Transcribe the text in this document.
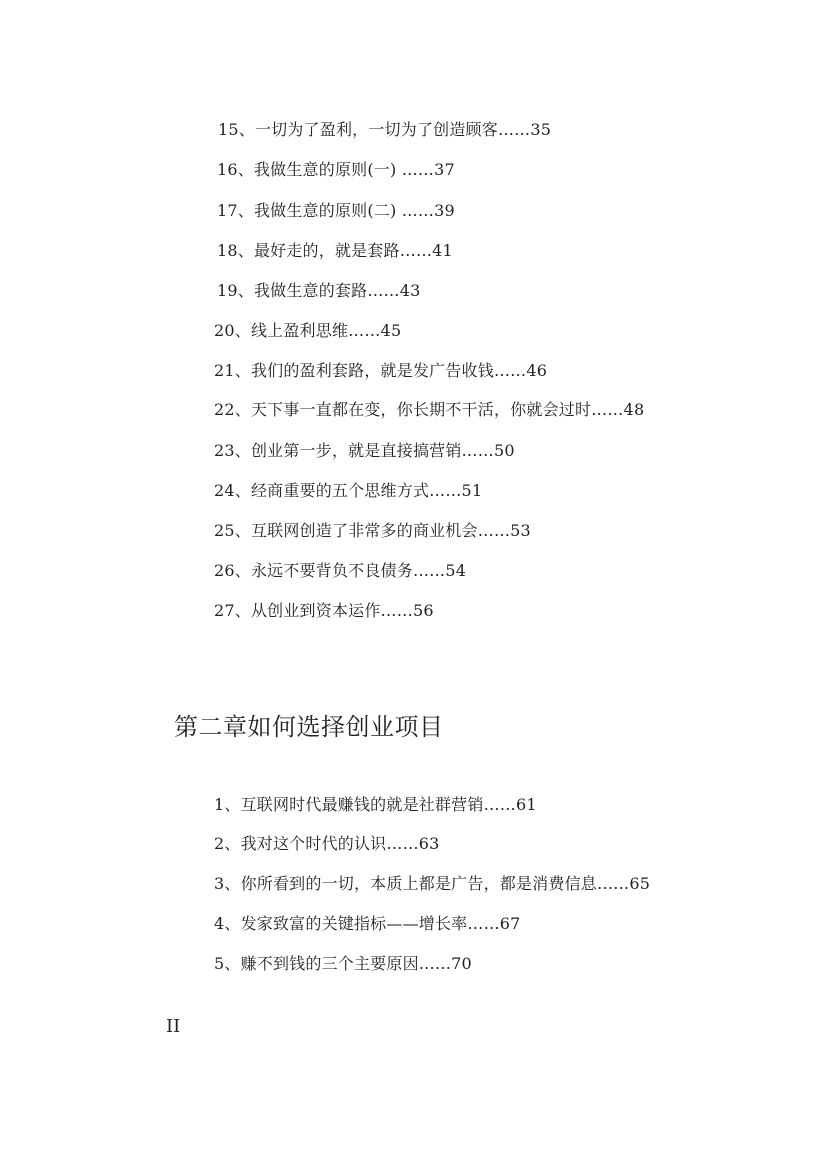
15、一切为了盈利，一切为了创造顾客……35
16、我做生意的原则(一) ……37
17、我做生意的原则(二) ……39
18、最好走的，就是套路……41
19、我做生意的套路……43
20、线上盈利思维……45
21、我们的盈利套路，就是发广告收钱……46
22、天下事一直都在变，你长期不干活，你就会过时……48
23、创业第一步，就是直接搞营销……50
24、经商重要的五个思维方式……51
25、互联网创造了非常多的商业机会……53
26、永远不要背负不良债务……54
27、从创业到资本运作……56
第二章如何选择创业项目
1、互联网时代最赚钱的就是社群营销……61
2、我对这个时代的认识……63
3、你所看到的一切，本质上都是广告，都是消费信息……65
4、发家致富的关键指标——增长率……67
5、赚不到钱的三个主要原因……70
II
